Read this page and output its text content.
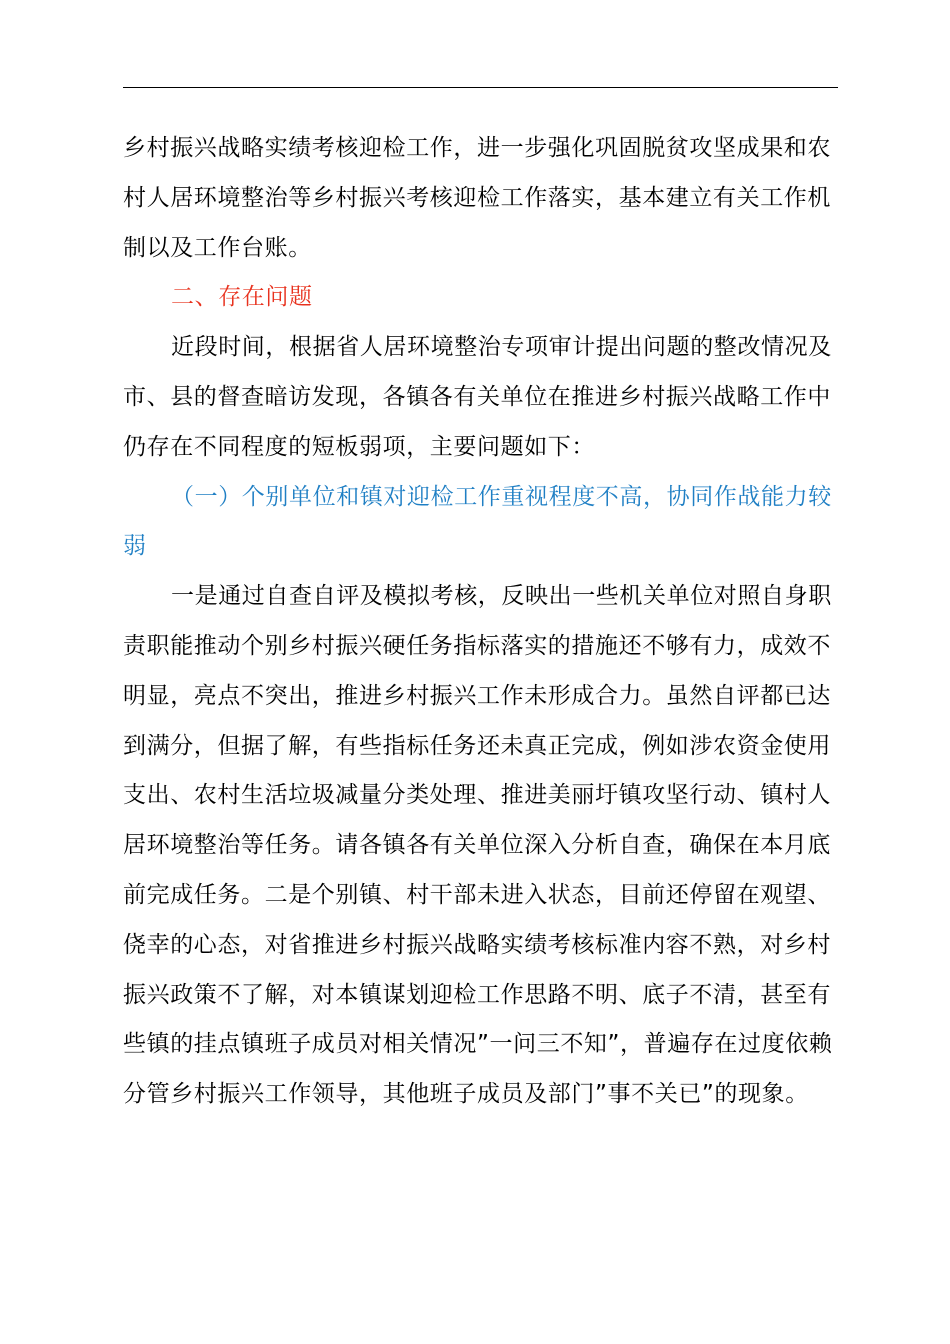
乡村振兴战略实绩考核迎检工作，进一步强化巩固脱贫攻坚成果和农村人居环境整治等乡村振兴考核迎检工作落实，基本建立有关工作机制以及工作台账。

二、存在问题

近段时间，根据省人居环境整治专项审计提出问题的整改情况及市、县的督查暗访发现，各镇各有关单位在推进乡村振兴战略工作中仍存在不同程度的短板弱项，主要问题如下：

（一）个别单位和镇对迎检工作重视程度不高，协同作战能力较弱

一是通过自查自评及模拟考核，反映出一些机关单位对照自身职责职能推动个别乡村振兴硬任务指标落实的措施还不够有力，成效不明显，亮点不突出，推进乡村振兴工作未形成合力。虽然自评都已达到满分，但据了解，有些指标任务还未真正完成，例如涉农资金使用支出、农村生活垃圾减量分类处理、推进美丽圩镇攻坚行动、镇村人居环境整治等任务。请各镇各有关单位深入分析自查，确保在本月底前完成任务。二是个别镇、村干部未进入状态，目前还停留在观望、侥幸的心态，对省推进乡村振兴战略实绩考核标准内容不熟，对乡村振兴政策不了解，对本镇谋划迎检工作思路不明、底子不清，甚至有些镇的挂点镇班子成员对相关情况”一问三不知”，普遍存在过度依赖分管乡村振兴工作领导，其他班子成员及部门”事不关已”的现象。
